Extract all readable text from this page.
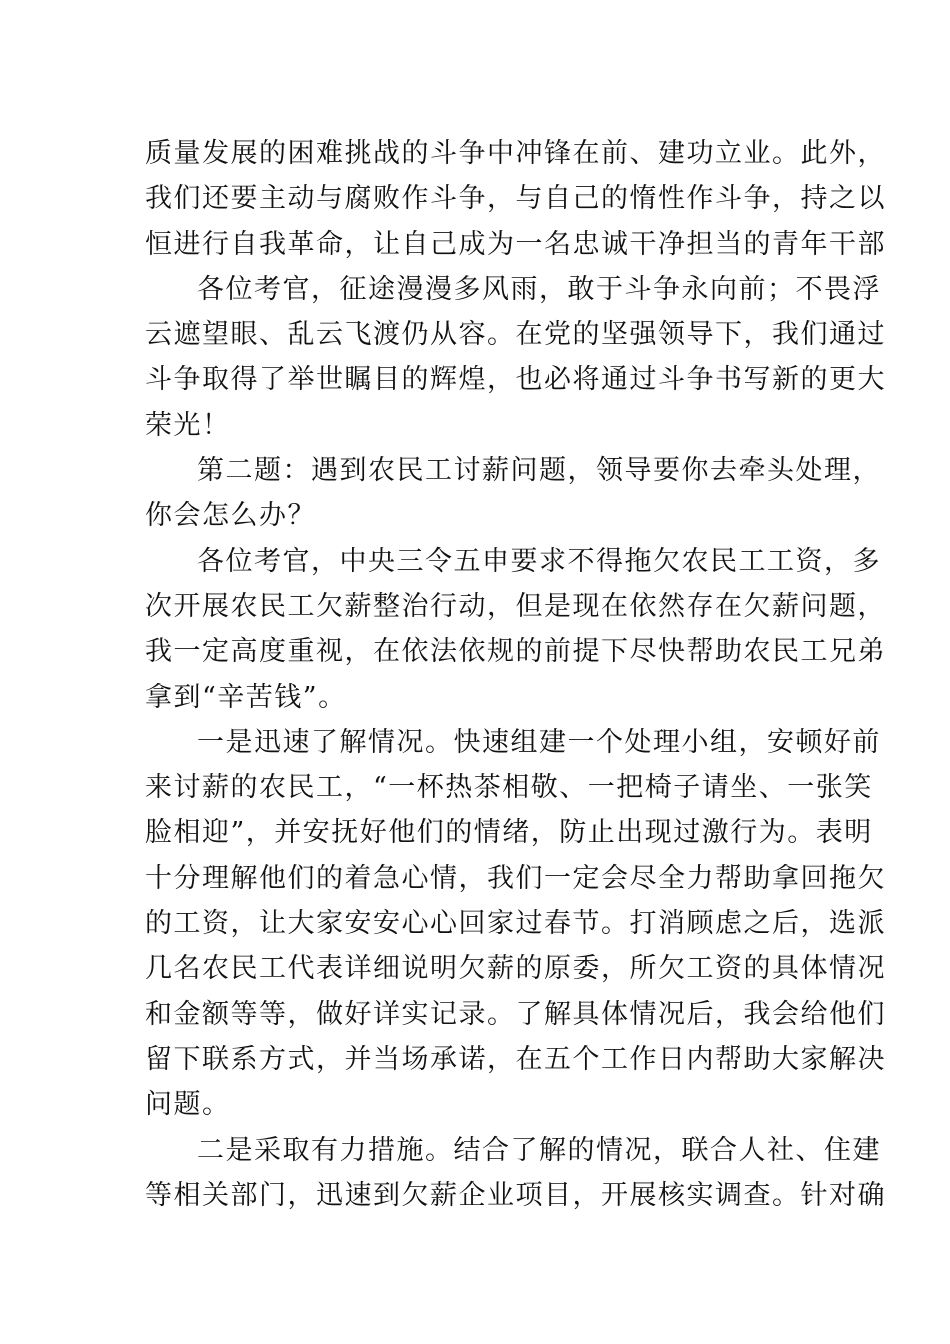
质量发展的困难挑战的斗争中冲锋在前、建功立业。此外，
我们还要主动与腐败作斗争，与自己的惰性作斗争，持之以
恒进行自我革命，让自己成为一名忠诚干净担当的青年干部
各位考官，征途漫漫多风雨，敢于斗争永向前；不畏浮
云遮望眼、乱云飞渡仍从容。在党的坚强领导下，我们通过
斗争取得了举世瞩目的辉煌，也必将通过斗争书写新的更大
荣光！
第二题：遇到农民工讨薪问题，领导要你去牵头处理，
你会怎么办？
各位考官，中央三令五申要求不得拖欠农民工工资，多
次开展农民工欠薪整治行动，但是现在依然存在欠薪问题，
我一定高度重视，在依法依规的前提下尽快帮助农民工兄弟
拿到“辛苦钱”。
一是迅速了解情况。快速组建一个处理小组，安顿好前
来讨薪的农民工，“一杯热茶相敬、一把椅子请坐、一张笑
脸相迎”，并安抚好他们的情绪，防止出现过激行为。表明
十分理解他们的着急心情，我们一定会尽全力帮助拿回拖欠
的工资，让大家安安心心回家过春节。打消顾虑之后，选派
几名农民工代表详细说明欠薪的原委，所欠工资的具体情况
和金额等等，做好详实记录。了解具体情况后，我会给他们
留下联系方式，并当场承诺，在五个工作日内帮助大家解决
问题。
二是采取有力措施。结合了解的情况，联合人社、住建
等相关部门，迅速到欠薪企业项目，开展核实调查。针对确
